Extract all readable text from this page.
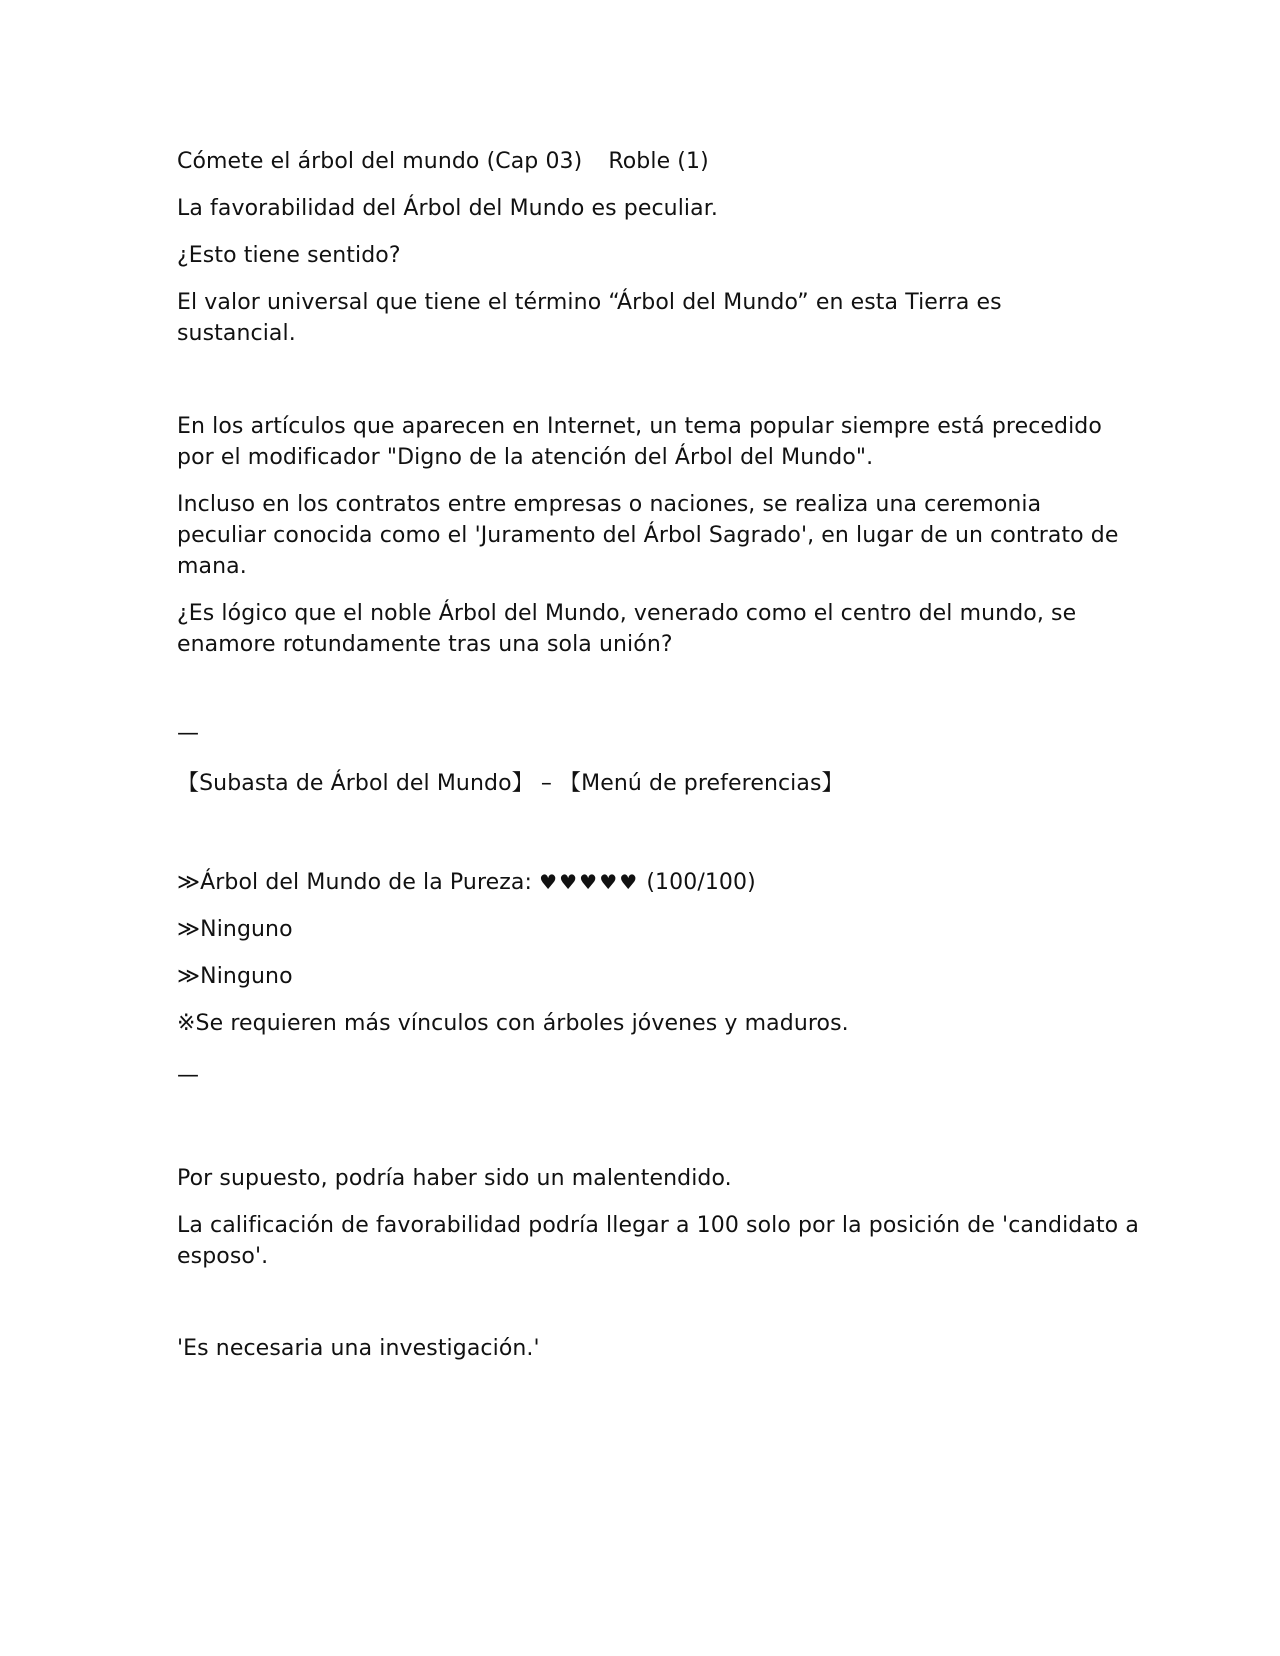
Cómete el árbol del mundo (Cap 03) Roble (1)
La favorabilidad del Árbol del Mundo es peculiar.
¿Esto tiene sentido?
El valor universal que tiene el término “Árbol del Mundo” en esta Tierra es
sustancial.
En los artículos que aparecen en Internet, un tema popular siempre está precedido
por el modificador "Digno de la atención del Árbol del Mundo".
Incluso en los contratos entre empresas o naciones, se realiza una ceremonia
peculiar conocida como el 'Juramento del Árbol Sagrado', en lugar de un contrato de
mana.
¿Es lógico que el noble Árbol del Mundo, venerado como el centro del mundo, se
enamore rotundamente tras una sola unión?
—
【Subasta de Árbol del Mundo】 – 【Menú de preferencias】
≫Árbol del Mundo de la Pureza: ♥ ♥ ♥ ♥ ♥ (100/100)
≫Ninguno
≫Ninguno
※Se requieren más vínculos con árboles jóvenes y maduros.
—
Por supuesto, podría haber sido un malentendido.
La calificación de favorabilidad podría llegar a 100 solo por la posición de 'candidato a
esposo'.
'Es necesaria una investigación.'
